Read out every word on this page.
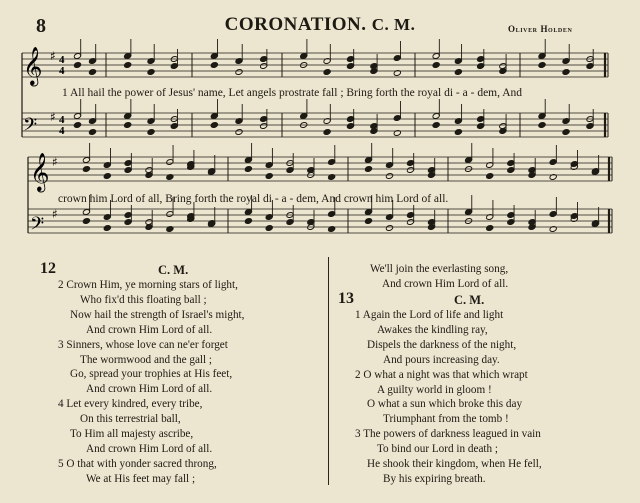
8	CORONATION. C. M.	Oliver Holden
𝄞
𝄢
𝄞
𝄢
♯
♯
♯
♯
4
4
4
4
1 All hail the power of Jesus' name, Let angels prostrate fall ; Bring forth the royal di - a - dem, And
crown him Lord of all, Bring forth the royal di - a - dem, And crown him Lord of all.
12	C. M.
2 Crown Him, ye morning stars of light,
Who fix'd this floating ball ;
Now hail the strength of Israel's might,
And crown Him Lord of all.
3 Sinners, whose love can ne'er forget
The wormwood and the gall ;
Go, spread your trophies at His feet,
And crown Him Lord of all.
4 Let every kindred, every tribe,
On this terrestrial ball,
To Him all majesty ascribe,
And crown Him Lord of all.
5 O that with yonder sacred throng,
We at His feet may fall ;
We'll join the everlasting song,
And crown Him Lord of all.
13	C. M.
1 Again the Lord of life and light
Awakes the kindling ray,
Dispels the darkness of the night,
And pours increasing day.
2 O what a night was that which wrapt
A guilty world in gloom !
O what a sun which broke this day
Triumphant from the tomb !
3 The powers of darkness leagued in vain
To bind our Lord in death ;
He shook their kingdom, when He fell,
By his expiring breath.
